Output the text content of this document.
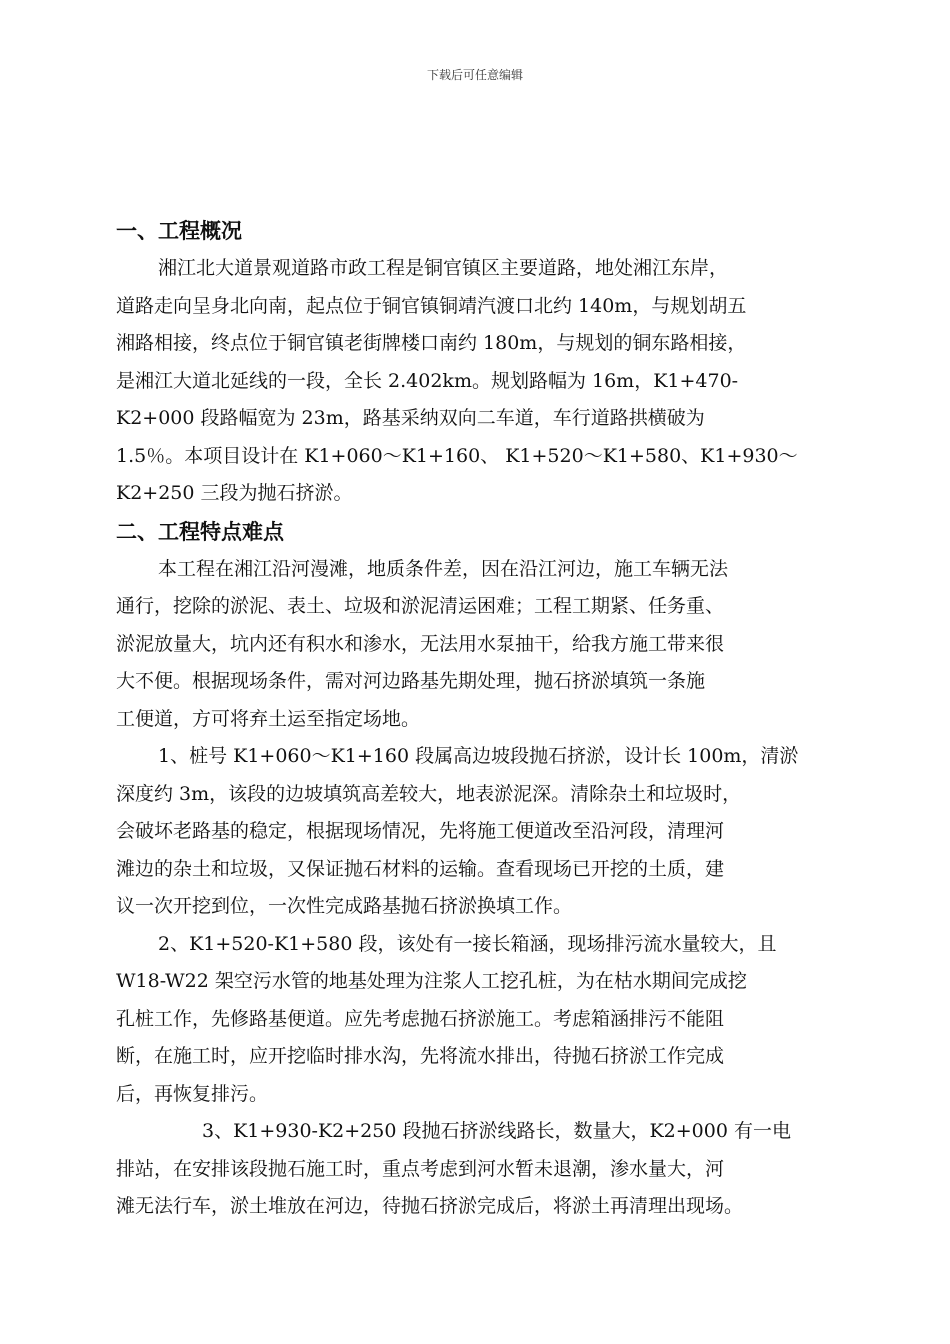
下载后可任意编辑
一、工程概况
湘江北大道景观道路市政工程是铜官镇区主要道路，地处湘江东岸，
道路走向呈身北向南，起点位于铜官镇铜靖汽渡口北约 140m，与规划胡五
湘路相接，终点位于铜官镇老街牌楼口南约 180m，与规划的铜东路相接，
是湘江大道北延线的一段，全长 2.402km。规划路幅为 16m，K1+470-
K2+000 段路幅宽为 23m，路基采纳双向二车道，车行道路拱横破为
1.5％。本项目设计在 K1+060～K1+160、 K1+520～K1+580、K1+930～
K2+250 三段为抛石挤淤。
二、工程特点难点
本工程在湘江沿河漫滩，地质条件差，因在沿江河边，施工车辆无法
通行，挖除的淤泥、表土、垃圾和淤泥清运困难；工程工期紧、任务重、
淤泥放量大，坑内还有积水和渗水，无法用水泵抽干，给我方施工带来很
大不便。根据现场条件，需对河边路基先期处理，抛石挤淤填筑一条施
工便道，方可将弃土运至指定场地。
1、桩号 K1+060～K1+160 段属高边坡段抛石挤淤，设计长 100m，清淤
深度约 3m，该段的边坡填筑高差较大，地表淤泥深。清除杂土和垃圾时，
会破坏老路基的稳定，根据现场情况，先将施工便道改至沿河段，清理河
滩边的杂土和垃圾，又保证抛石材料的运输。查看现场已开挖的土质，建
议一次开挖到位，一次性完成路基抛石挤淤换填工作。
2、K1+520-K1+580 段，该处有一接长箱涵，现场排污流水量较大，且
W18-W22 架空污水管的地基处理为注浆人工挖孔桩，为在枯水期间完成挖
孔桩工作，先修路基便道。应先考虑抛石挤淤施工。考虑箱涵排污不能阻
断，在施工时，应开挖临时排水沟，先将流水排出，待抛石挤淤工作完成
后，再恢复排污。
3、K1+930-K2+250 段抛石挤淤线路长，数量大，K2+000 有一电
排站，在安排该段抛石施工时，重点考虑到河水暂未退潮，渗水量大，河
滩无法行车，淤土堆放在河边，待抛石挤淤完成后，将淤土再清理出现场。
